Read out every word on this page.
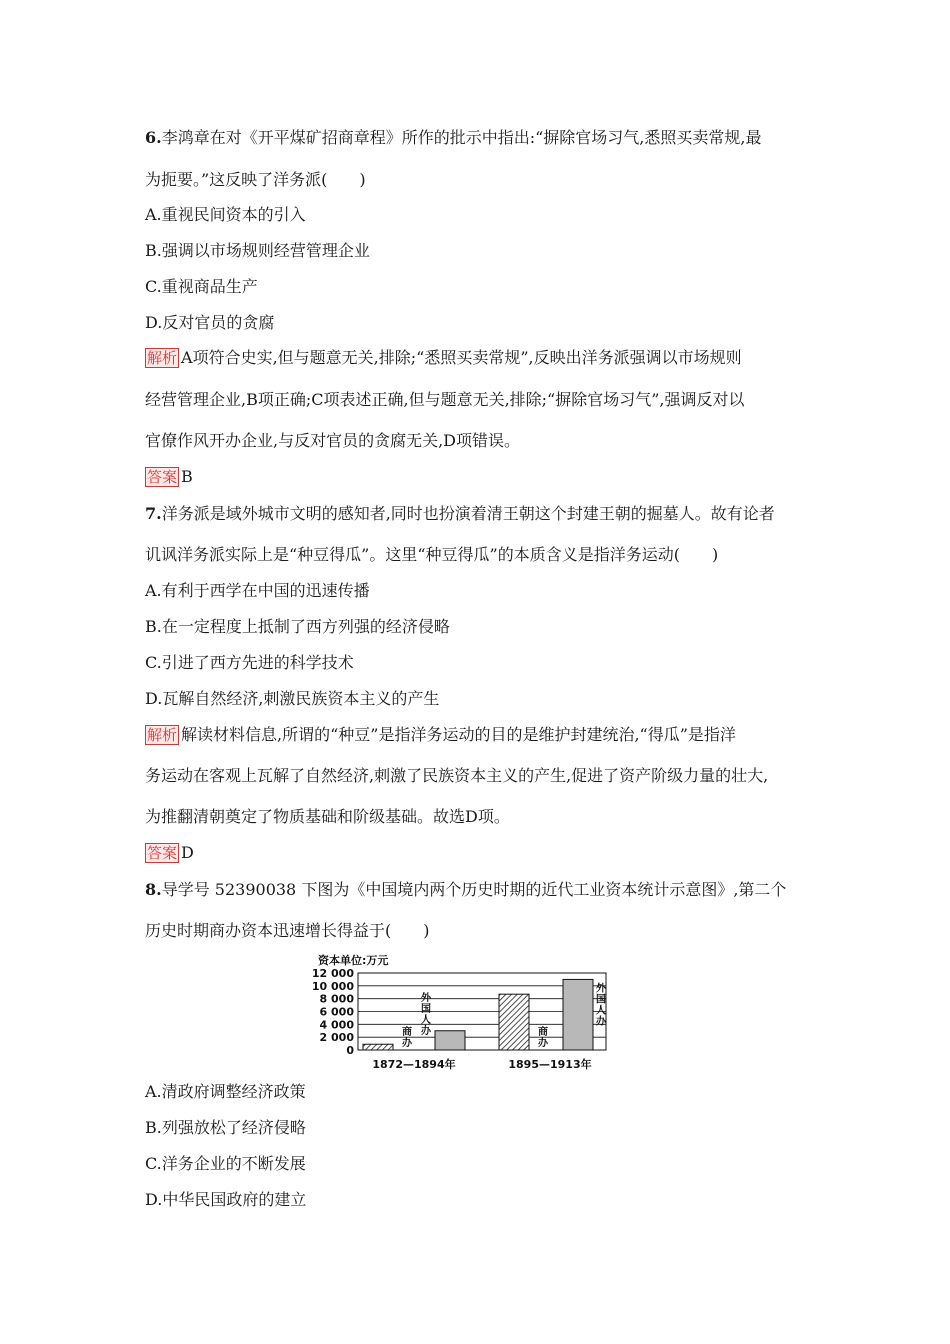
6.李鸿章在对《开平煤矿招商章程》所作的批示中指出:“摒除官场习气,悉照买卖常规,最
为扼要。”这反映了洋务派(　　)
A.重视民间资本的引入
B.强调以市场规则经营管理企业
C.重视商品生产
D.反对官员的贪腐
解析 A项符合史实,但与题意无关,排除;“悉照买卖常规”,反映出洋务派强调以市场规则
经营管理企业,B项正确;C项表述正确,但与题意无关,排除;“摒除官场习气”,强调反对以
官僚作风开办企业,与反对官员的贪腐无关,D项错误。
答案 B
7.洋务派是域外城市文明的感知者,同时也扮演着清王朝这个封建王朝的掘墓人。故有论者
讥讽洋务派实际上是“种豆得瓜”。这里“种豆得瓜”的本质含义是指洋务运动(　　)
A.有利于西学在中国的迅速传播
B.在一定程度上抵制了西方列强的经济侵略
C.引进了西方先进的科学技术
D.瓦解自然经济,刺激民族资本主义的产生
解析 解读材料信息,所谓的“种豆”是指洋务运动的目的是维护封建统治,“得瓜”是指洋
务运动在客观上瓦解了自然经济,刺激了民族资本主义的产生,促进了资产阶级力量的壮大,
为推翻清朝奠定了物质基础和阶级基础。故选D项。
答案 D
8.导学号 52390038 下图为《中国境内两个历史时期的近代工业资本统计示意图》,第二个
历史时期商办资本迅速增长得益于(　　)
资本单位:万元
0
2 000
4 000
6 000
8 000
10 000
12 000
商
办
外
国
人
办	商
办
外
国
人
办
1872—1894年	1895—1913年
A.清政府调整经济政策
B.列强放松了经济侵略
C.洋务企业的不断发展
D.中华民国政府的建立
